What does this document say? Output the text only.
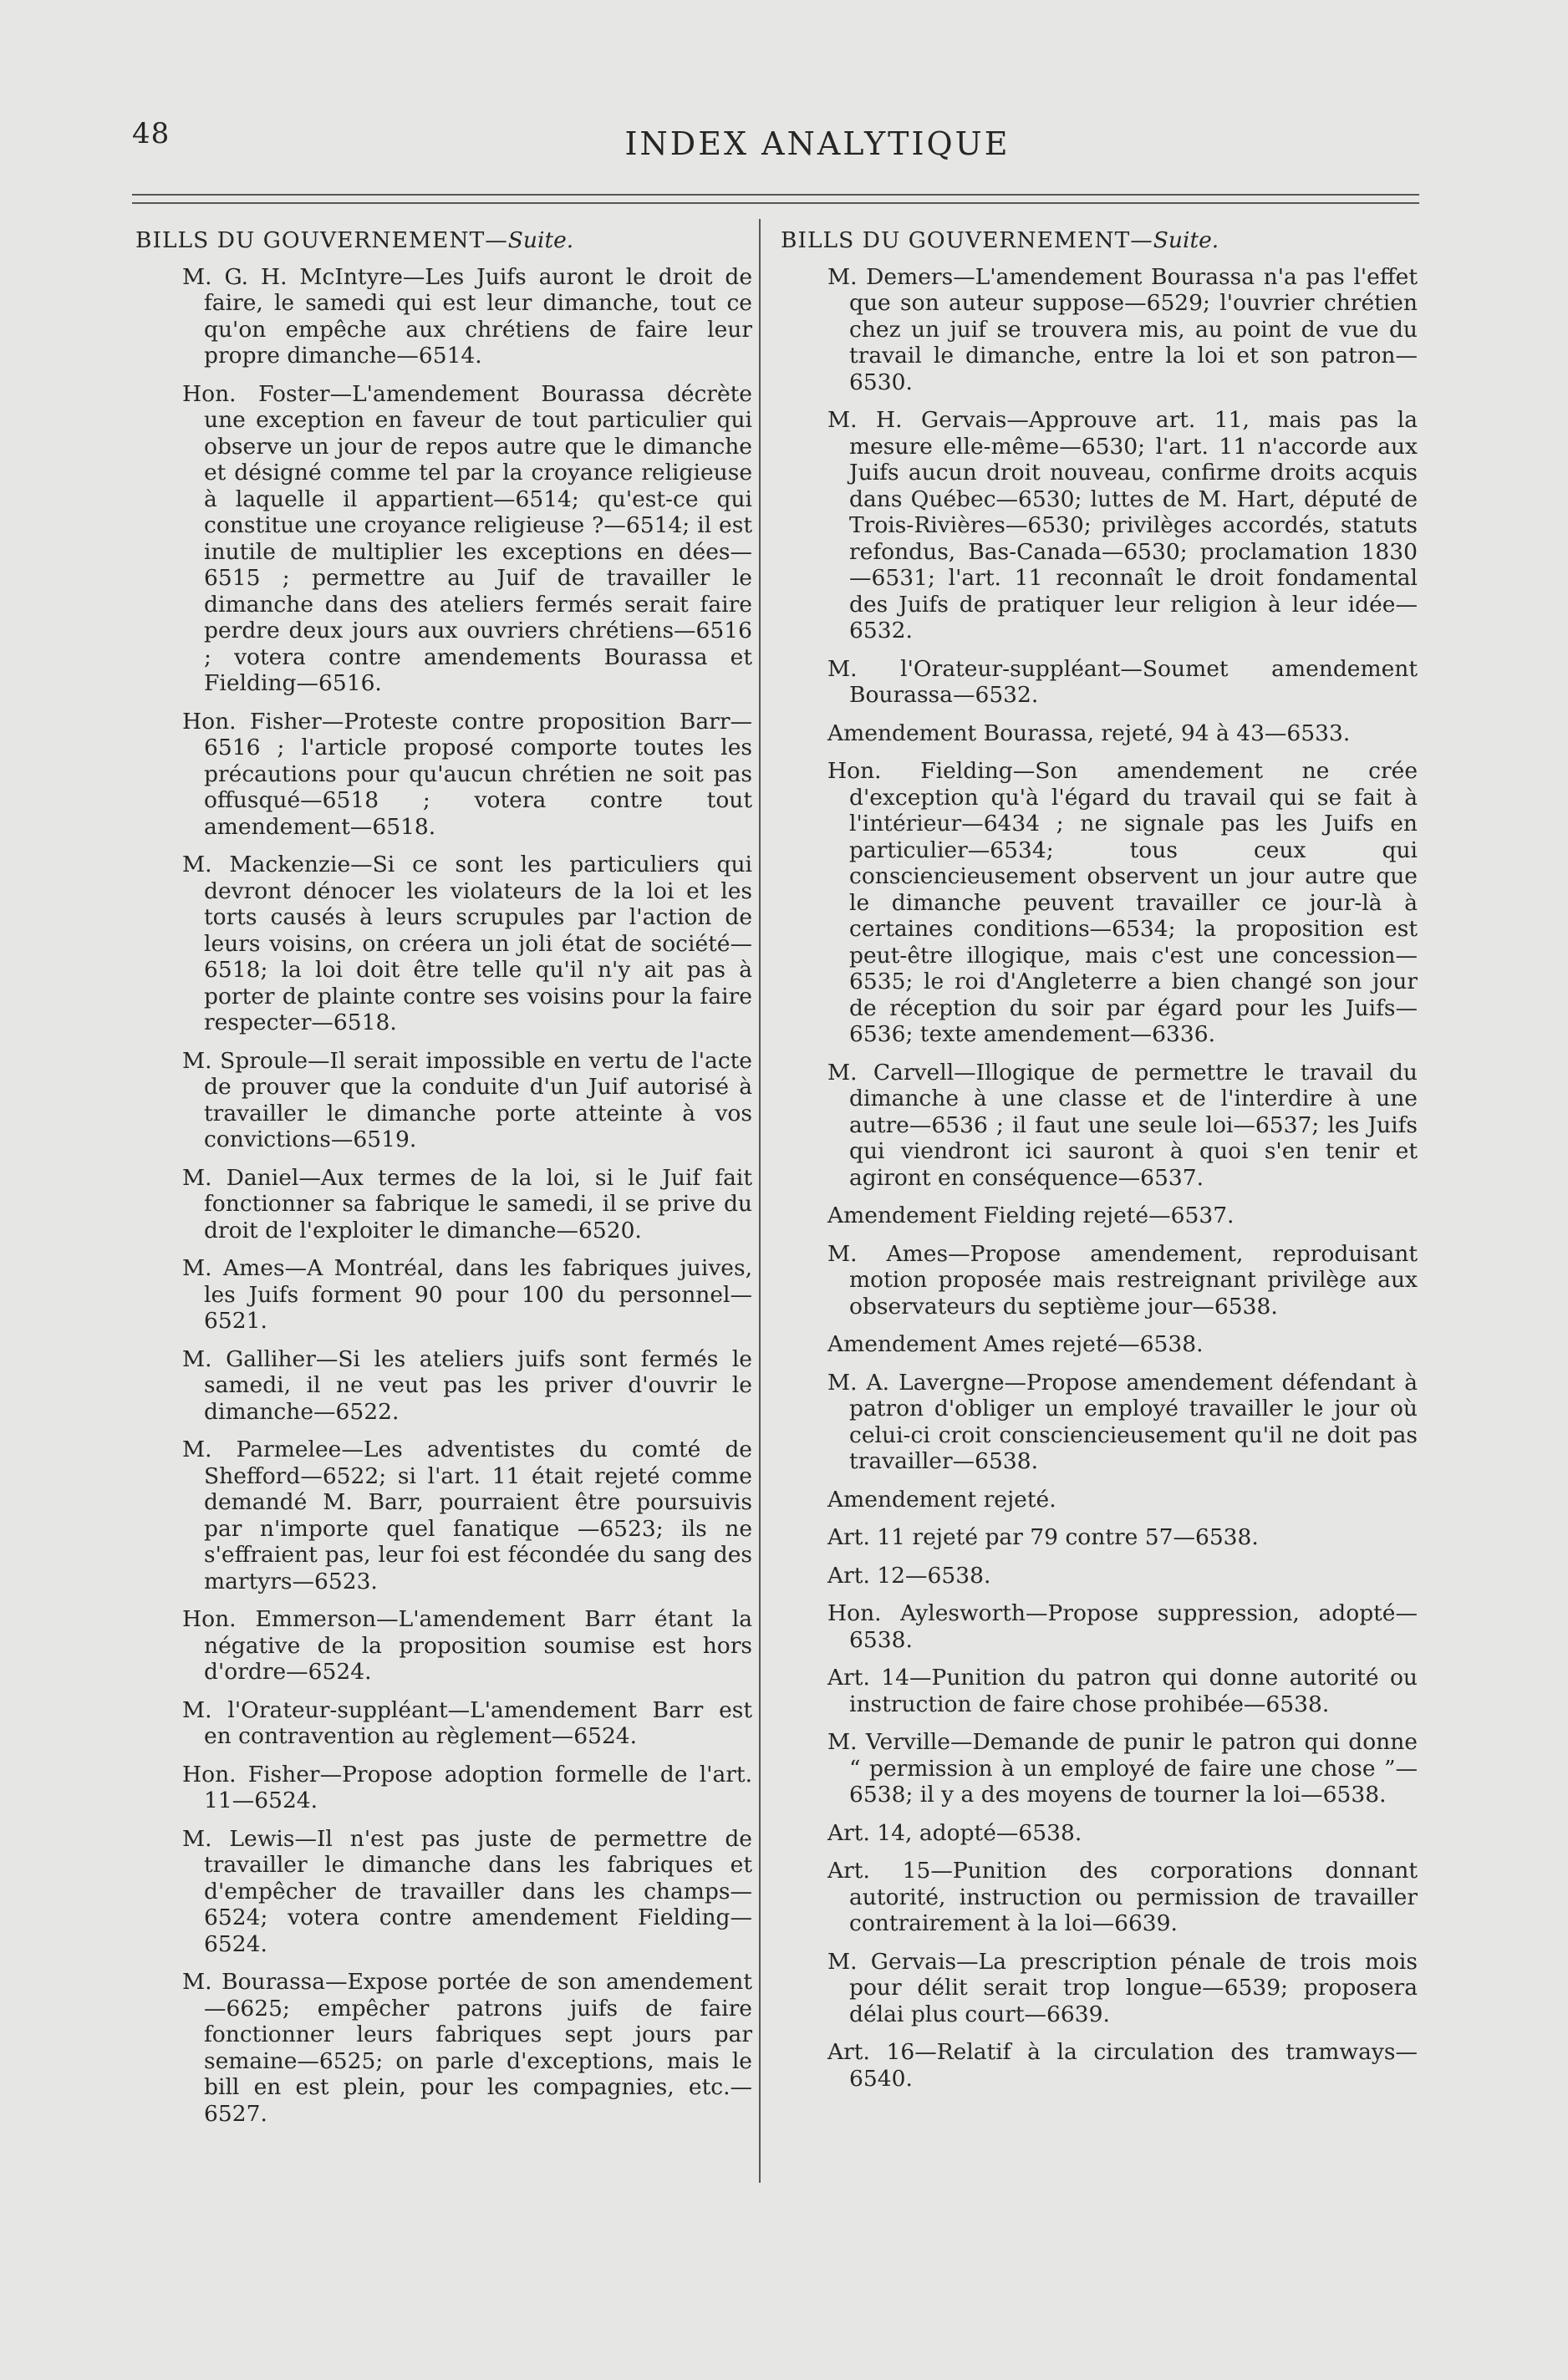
48	INDEX ANALYTIQUE

BILLS DU GOUVERNEMENT—Suite.

M. G. H. McIntyre—Les Juifs auront le droit de faire, le samedi qui est leur dimanche, tout ce qu'on empêche aux chrétiens de faire leur propre dimanche—6514.

Hon. Foster—L'amendement Bourassa décrète une exception en faveur de tout particulier qui observe un jour de repos autre que le dimanche et désigné comme tel par la croyance religieuse à laquelle il appartient—6514; qu'est-ce qui constitue une croyance religieuse ?—6514; il est inutile de multiplier les exceptions en dées—6515 ; permettre au Juif de travailler le dimanche dans des ateliers fermés serait faire perdre deux jours aux ouvriers chrétiens—6516 ; votera contre amendements Bourassa et Fielding—6516.

Hon. Fisher—Proteste contre proposition Barr—6516 ; l'article proposé comporte toutes les précautions pour qu'aucun chrétien ne soit pas offusqué—6518 ; votera contre tout amendement—6518.

M. Mackenzie—Si ce sont les particuliers qui devront dénocer les violateurs de la loi et les torts causés à leurs scrupules par l'action de leurs voisins, on créera un joli état de société—6518; la loi doit être telle qu'il n'y ait pas à porter de plainte contre ses voisins pour la faire respecter—6518.

M. Sproule—Il serait impossible en vertu de l'acte de prouver que la conduite d'un Juif autorisé à travailler le dimanche porte atteinte à vos convictions—6519.

M. Daniel—Aux termes de la loi, si le Juif fait fonctionner sa fabrique le samedi, il se prive du droit de l'exploiter le dimanche—6520.

M. Ames—A Montréal, dans les fabriques juives, les Juifs forment 90 pour 100 du personnel—6521.

M. Galliher—Si les ateliers juifs sont fermés le samedi, il ne veut pas les priver d'ouvrir le dimanche—6522.

M. Parmelee—Les adventistes du comté de Shefford—6522; si l'art. 11 était rejeté comme demandé M. Barr, pourraient être poursuivis par n'importe quel fanatique —6523; ils ne s'effraient pas, leur foi est fécondée du sang des martyrs—6523.

Hon. Emmerson—L'amendement Barr étant la négative de la proposition soumise est hors d'ordre—6524.

M. l'Orateur-suppléant—L'amendement Barr est en contravention au règlement—6524.

Hon. Fisher—Propose adoption formelle de l'art. 11—6524.

M. Lewis—Il n'est pas juste de permettre de travailler le dimanche dans les fabriques et d'empêcher de travailler dans les champs—6524; votera contre amendement Fielding—6524.

M. Bourassa—Expose portée de son amendement—6625; empêcher patrons juifs de faire fonctionner leurs fabriques sept jours par semaine—6525; on parle d'exceptions, mais le bill en est plein, pour les compagnies, etc.—6527.

BILLS DU GOUVERNEMENT—Suite.

M. Demers—L'amendement Bourassa n'a pas l'effet que son auteur suppose—6529; l'ouvrier chrétien chez un juif se trouvera mis, au point de vue du travail le dimanche, entre la loi et son patron—6530.

M. H. Gervais—Approuve art. 11, mais pas la mesure elle-même—6530; l'art. 11 n'accorde aux Juifs aucun droit nouveau, confirme droits acquis dans Québec—6530; luttes de M. Hart, député de Trois-Rivières—6530; privilèges accordés, statuts refondus, Bas-Canada—6530; proclamation 1830—6531; l'art. 11 reconnaît le droit fondamental des Juifs de pratiquer leur religion à leur idée—6532.

M. l'Orateur-suppléant—Soumet amendement Bourassa—6532.

Amendement Bourassa, rejeté, 94 à 43—6533.

Hon. Fielding—Son amendement ne crée d'exception qu'à l'égard du travail qui se fait à l'intérieur—6434 ; ne signale pas les Juifs en particulier—6534; tous ceux qui consciencieusement observent un jour autre que le dimanche peuvent travailler ce jour-là à certaines conditions—6534; la proposition est peut-être illogique, mais c'est une concession—6535; le roi d'Angleterre a bien changé son jour de réception du soir par égard pour les Juifs—6536; texte amendement—6336.

M. Carvell—Illogique de permettre le travail du dimanche à une classe et de l'interdire à une autre—6536 ; il faut une seule loi—6537; les Juifs qui viendront ici sauront à quoi s'en tenir et agiront en conséquence—6537.

Amendement Fielding rejeté—6537.

M. Ames—Propose amendement, reproduisant motion proposée mais restreignant privilège aux observateurs du septième jour—6538.

Amendement Ames rejeté—6538.

M. A. Lavergne—Propose amendement défendant à patron d'obliger un employé travailler le jour où celui-ci croit consciencieusement qu'il ne doit pas travailler—6538.

Amendement rejeté.

Art. 11 rejeté par 79 contre 57—6538.

Art. 12—6538.

Hon. Aylesworth—Propose suppression, adopté—6538.

Art. 14—Punition du patron qui donne autorité ou instruction de faire chose prohibée—6538.

M. Verville—Demande de punir le patron qui donne “ permission à un employé de faire une chose ”—6538; il y a des moyens de tourner la loi—6538.

Art. 14, adopté—6538.

Art. 15—Punition des corporations donnant autorité, instruction ou permission de travailler contrairement à la loi—6639.

M. Gervais—La prescription pénale de trois mois pour délit serait trop longue—6539; proposera délai plus court—6639.

Art. 16—Relatif à la circulation des tramways—6540.
